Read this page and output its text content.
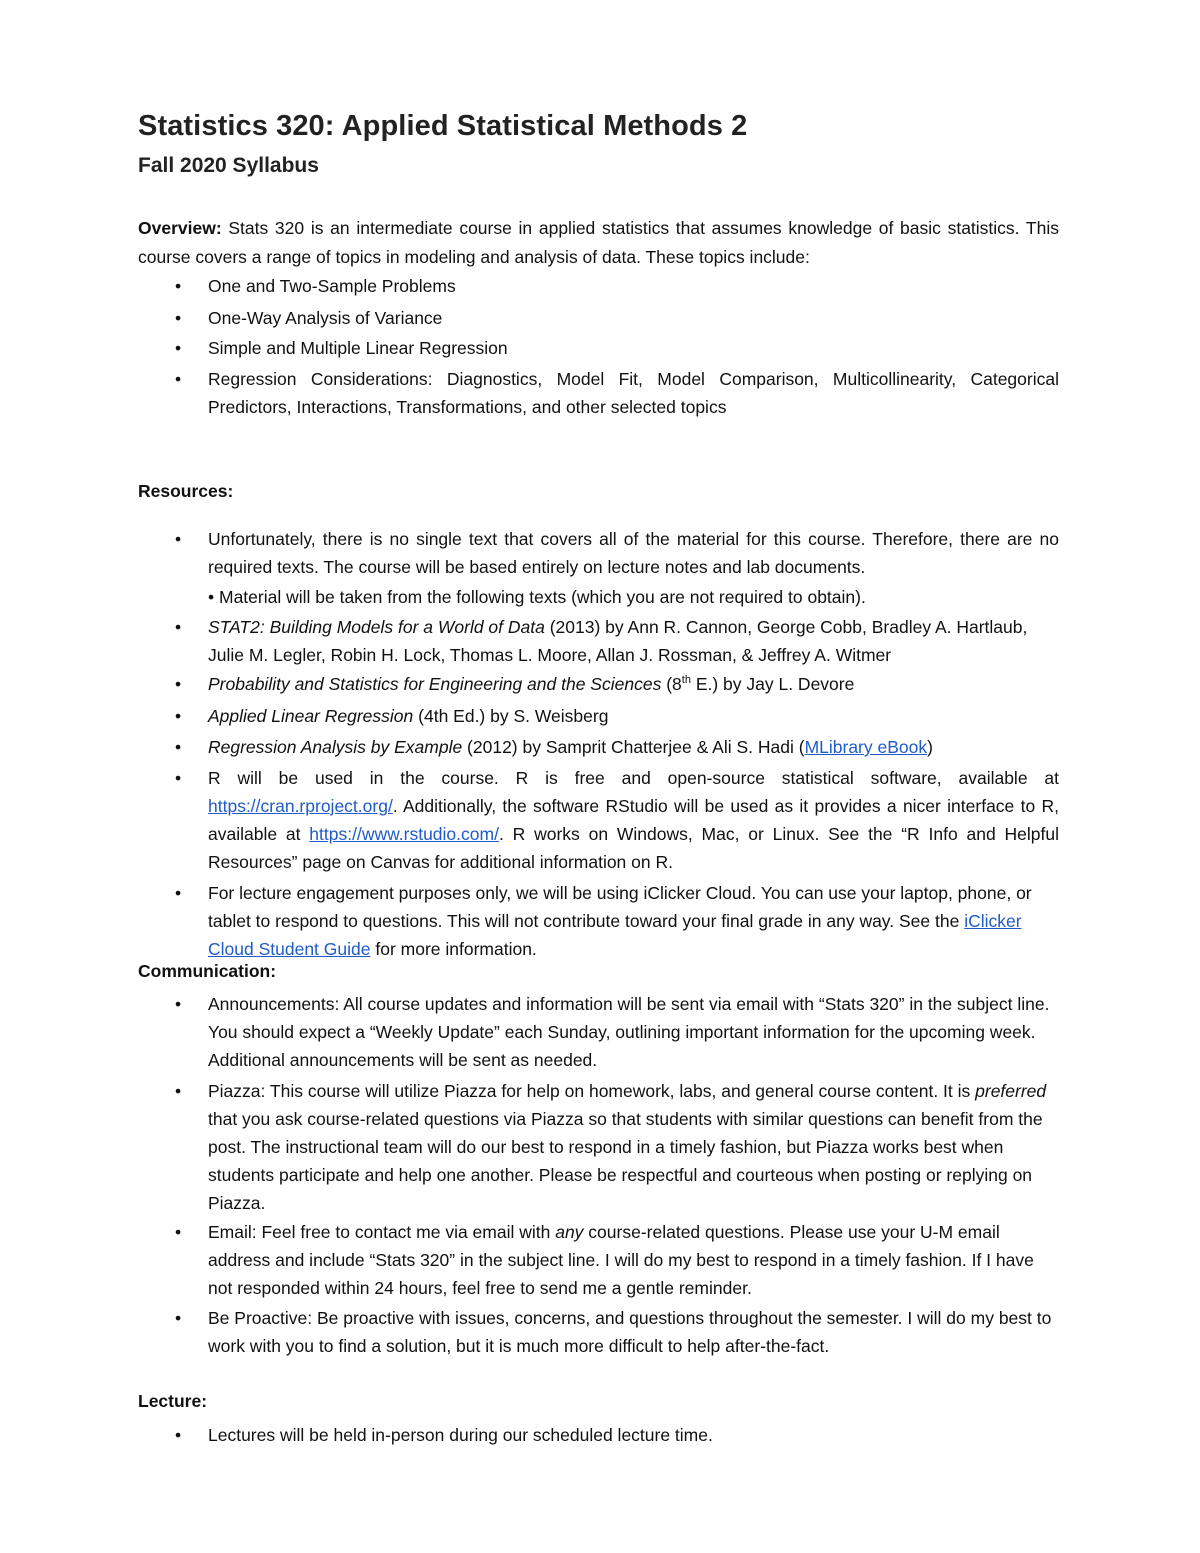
Statistics 320: Applied Statistical Methods 2
Fall 2020 Syllabus
Overview: Stats 320 is an intermediate course in applied statistics that assumes knowledge of basic statistics. This course covers a range of topics in modeling and analysis of data. These topics include:
• One and Two-Sample Problems
• One-Way Analysis of Variance
• Simple and Multiple Linear Regression
• Regression Considerations: Diagnostics, Model Fit, Model Comparison, Multicollinearity, Categorical Predictors, Interactions, Transformations, and other selected topics
Resources:
• Unfortunately, there is no single text that covers all of the material for this course. Therefore, there are no required texts. The course will be based entirely on lecture notes and lab documents.
• Material will be taken from the following texts (which you are not required to obtain).
• STAT2: Building Models for a World of Data (2013) by Ann R. Cannon, George Cobb, Bradley A. Hartlaub, Julie M. Legler, Robin H. Lock, Thomas L. Moore, Allan J. Rossman, & Jeffrey A. Witmer
• Probability and Statistics for Engineering and the Sciences (8th E.) by Jay L. Devore
• Applied Linear Regression (4th Ed.) by S. Weisberg
• Regression Analysis by Example (2012) by Samprit Chatterjee & Ali S. Hadi (MLibrary eBook)
• R will be used in the course. R is free and open-source statistical software, available at https://cran.rproject.org/. Additionally, the software RStudio will be used as it provides a nicer interface to R, available at https://www.rstudio.com/. R works on Windows, Mac, or Linux. See the “R Info and Helpful Resources” page on Canvas for additional information on R.
• For lecture engagement purposes only, we will be using iClicker Cloud. You can use your laptop, phone, or tablet to respond to questions. This will not contribute toward your final grade in any way. See the iClicker Cloud Student Guide for more information.
Communication:
• Announcements: All course updates and information will be sent via email with “Stats 320” in the subject line. You should expect a “Weekly Update” each Sunday, outlining important information for the upcoming week. Additional announcements will be sent as needed.
• Piazza: This course will utilize Piazza for help on homework, labs, and general course content. It is preferred that you ask course-related questions via Piazza so that students with similar questions can benefit from the post. The instructional team will do our best to respond in a timely fashion, but Piazza works best when students participate and help one another. Please be respectful and courteous when posting or replying on Piazza.
• Email: Feel free to contact me via email with any course-related questions. Please use your U-M email address and include “Stats 320” in the subject line. I will do my best to respond in a timely fashion. If I have not responded within 24 hours, feel free to send me a gentle reminder.
• Be Proactive: Be proactive with issues, concerns, and questions throughout the semester. I will do my best to work with you to find a solution, but it is much more difficult to help after-the-fact.
Lecture:
• Lectures will be held in-person during our scheduled lecture time.
